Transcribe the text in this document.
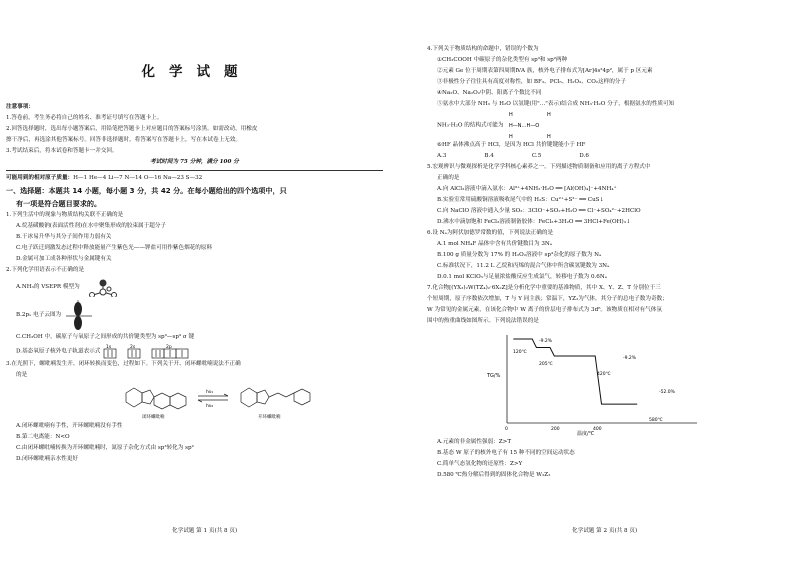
化学试题
注意事项：
1.答卷前，考生务必将自己的姓名、准考证号填写在答题卡上。
2.回答选择题时，选出每小题答案后，用铅笔把答题卡上对应题目的答案标号涂黑。如需改动，用橡皮
擦干净后，再选涂其他答案标号。回答非选择题时，将答案写在答题卡上，写在本试卷上无效。
3.考试结束后，将本试卷和答题卡一并交回。
考试时间为 75 分钟，满分 100 分
可能用到的相对原子质量：H—1 He—4 Li—7 N—14 O—16 Na—23 S—32
一、选择题：本题共 14 小题，每小题 3 分，共 42 分。在每小题给出的四个选项中，只
有一项是符合题目要求的。
1.下列生活中的现象与物质结构关联不正确的是
A.烷基磺酸钠(表面活性剂)在水中聚集形成的胶束属于超分子
B.干冰易升华与其分子间作用力弱有关
C.电子跃迁到激发态过程中释放能量产生紫色光——钾盐可用作紫色烟花的原料
D.金属可加工成各种形状与金属键有关
2.下列化学用语表示不正确的是
A.NH₃的 VSEPR 模型为
B.2pₓ 电子云图为
C.CH₃OH 中，碳原子与氧原子之间形成的共价键类型为 sp³—sp³ σ 键
D.基态氧原子核外电子轨道表示式
1s	2s	2p
3.在光照下，螺吡喃发生开、闭环转换而变色，过程如下。下列关于开、闭环螺吡喃说法不正确
的是
hν₁
hν₂
闭环螺吡喃	开环螺吡喃
A.闭环螺吡喃有手性，开环螺吡喃没有手性
B.第二电离能：N<O
C.由闭环螺吡喃转换为开环螺吡喃时，氮原子杂化方式由 sp³转化为 sp²
D.闭环螺吡喃亲水性更好
化学试题 第 1 页(共 8 页)
4.下列关于物质结构的命题中，错误的个数为
①CH₃COOH 中碳原子的杂化类型有 sp³和 sp²两种
②元素 Ge 位于周期表第四周期ⅣA 族，核外电子排布式为[Ar]4s²4p²，属于 p 区元素
③非极性分子往往具有高度对称性，如 BF₃、PCl₅、H₂O₂、CO₂这样的分子
④Na₂O、Na₂O₂中阴、阳离子个数比不同
⑤氨水中大部分 NH₃ 与 H₂O 以氢键(用"…"表示)结合成 NH₃·H₂O 分子，根据氨水的性质可知
NH₃·H₂O 的结构式可能为
H	H
H—N…H—O
H	H
⑥HF 晶体沸点高于 HCl，是因为 HCl 共价键键能小于 HF
A.3	B.4	C.5	D.6
5.宏观辨识与微观探析是化学学科核心素养之一。下列描述物质制备和应用的离子方程式中
正确的是
A.向 AlCl₃溶液中滴入氨水：Al³⁺+4NH₃·H₂O ══ [Al(OH)₄]⁻+4NH₄⁺
B.实验室常用硫酸铜溶液吸收尾气中的 H₂S：Cu²⁺+S²⁻ ══ CuS↓
C.向 NaClO 溶液中通入少量 SO₂：3ClO⁻+SO₂+H₂O ══ Cl⁻+SO₄²⁻+2HClO
D.沸水中滴加饱和 FeCl₃溶液制备胶体：FeCl₃+3H₂O ══ 3HCl+Fe(OH)₃↓
6.设 Nₐ为阿伏加德罗常数的值，下列说法正确的是
A.1 mol NH₄F 晶体中含有共价键数目为 3Nₐ
B.100 g 质量分数为 17% 的 H₂O₂溶液中 sp³杂化的原子数为 Nₐ
C.标准状况下，11.2 L 乙烷和丙烯的混合气体中所含碳氢键数为 3Nₐ
D.0.1 mol KClO₃与足量浓盐酸反应生成氯气，转移电子数为 0.6Nₐ
7.化合物[(YX₃)₂W(TZ₄)₂·6X₂Z]是分析化学中重要的基准物质，其中 X、Y、Z、T 分别位于三
个短周期，原子序数依次增加，T 与 Y 同主族；常温下，YZ₂为气体，其分子的总电子数为奇数；
W 为常见的金属元素，在该化合物中 W 离子的价层电子排布式为 3d⁶。该物质在相对有气体氛
围中的热重曲线如图所示。下列说法错误的是
TG/%
温度/℃
0	200	400
-9.2%
120℃
205℃
-9.2%
420℃
-52.0%
580℃
A.元素的非金属性强弱：Z>T
B.基态 W 原子的核外电子有 15 种不同的空间运动状态
C.简单气态氢化物的还原性：Z>Y
D.580 ℃热分解后得到的固体化合物是 W₂Z₃
化学试题 第 2 页(共 8 页)
